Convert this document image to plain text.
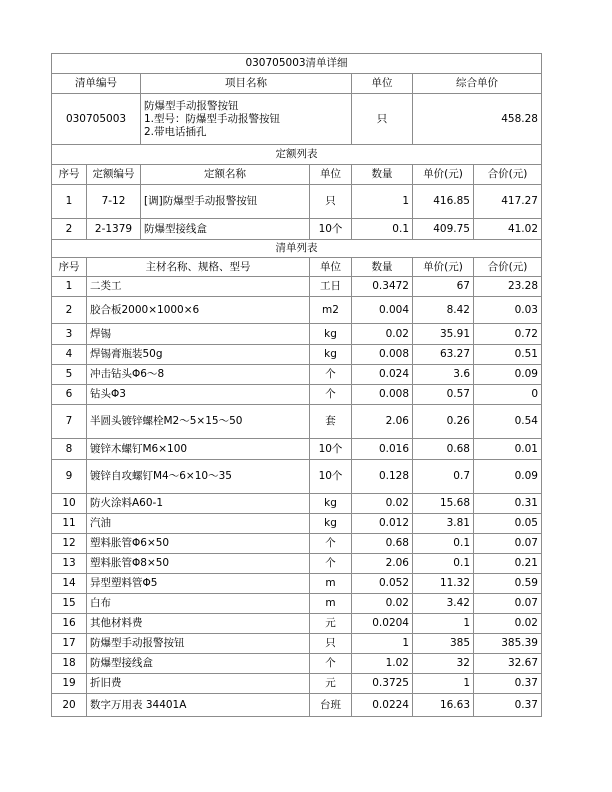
030705003清单详细						
清单编号		项目名称		单位	综合单价	
030705003		防爆型手动报警按钮
1.型号：防爆型手动报警按钮
2.带电话插孔		只	458.28	
定额列表						
序号	定额编号	定额名称	单位	数量	单价(元)	合价(元)
1	7-12	[调]防爆型手动报警按钮	只	1	416.85	417.27
2	2-1379	防爆型接线盒	10个	0.1	409.75	41.02
清单列表						
序号	主材名称、规格、型号		单位	数量	单价(元)	合价(元)
1	二类工		工日	0.3472	67	23.28
2	胶合板2000×1000×6		m2	0.004	8.42	0.03
3	焊锡		kg	0.02	35.91	0.72
4	焊锡膏瓶装50g		kg	0.008	63.27	0.51
5	冲击钻头Φ6～8		个	0.024	3.6	0.09
6	钻头Φ3		个	0.008	0.57	0
7	半圆头镀锌螺栓M2～5×15～50		套	2.06	0.26	0.54
8	镀锌木螺钉M6×100		10个	0.016	0.68	0.01
9	镀锌自攻螺钉M4～6×10～35		10个	0.128	0.7	0.09
10	防火涂料A60-1		kg	0.02	15.68	0.31
11	汽油		kg	0.012	3.81	0.05
12	塑料胀管Φ6×50		个	0.68	0.1	0.07
13	塑料胀管Φ8×50		个	2.06	0.1	0.21
14	异型塑料管Φ5		m	0.052	11.32	0.59
15	白布		m	0.02	3.42	0.07
16	其他材料费		元	0.0204	1	0.02
17	防爆型手动报警按钮		只	1	385	385.39
18	防爆型接线盒		个	1.02	32	32.67
19	折旧费		元	0.3725	1	0.37
20	数字万用表 34401A		台班	0.0224	16.63	0.37
